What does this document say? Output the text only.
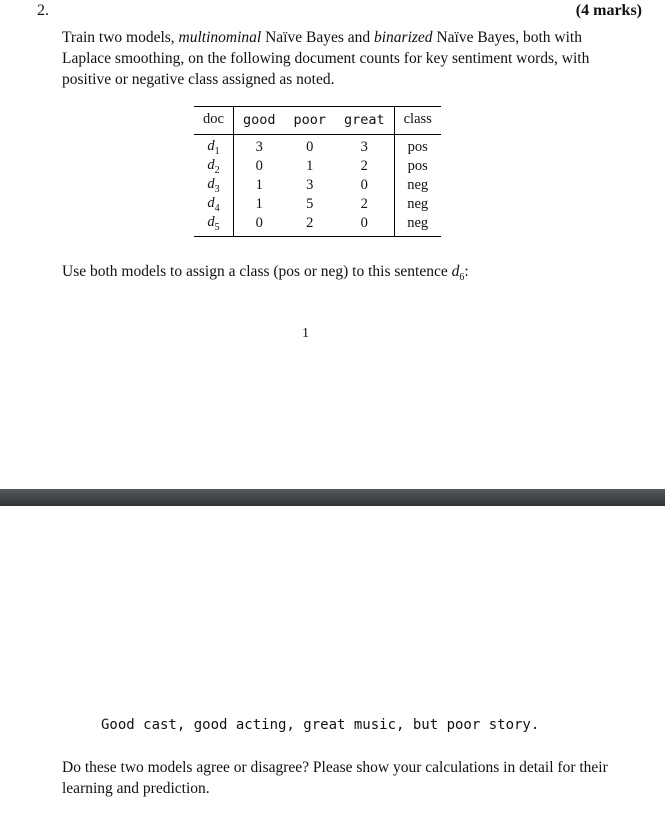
2.	(4 marks)
Train two models, multinominal Naïve Bayes and binarized Naïve Bayes, both with Laplace smoothing, on the following document counts for key sentiment words, with positive or negative class assigned as noted.
doc	good	poor	great	class
$d_1$	3	0	3	pos
$d_2$	0	1	2	pos
$d_3$	1	3	0	neg
$d_4$	1	5	2	neg
$d_5$	0	2	0	neg
Use both models to assign a class (pos or neg) to this sentence $d_6$:
1
Good cast, good acting, great music, but poor story.
Do these two models agree or disagree? Please show your calculations in detail for their learning and prediction.
